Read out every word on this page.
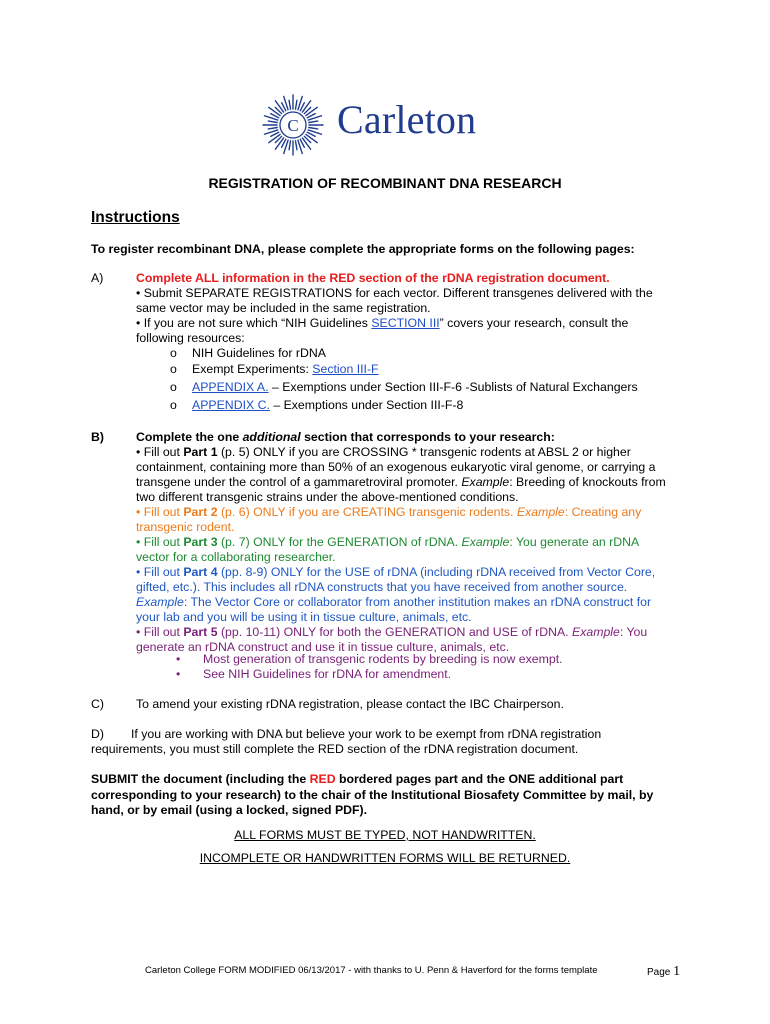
C Carleton
REGISTRATION OF RECOMBINANT DNA RESEARCH
Instructions
To register recombinant DNA, please complete the appropriate forms on the following pages:
A)	Complete ALL information in the RED section of the rDNA registration document.
• Submit SEPARATE REGISTRATIONS for each vector. Different transgenes delivered with the
same vector may be included in the same registration.
• If you are not sure which “NIH Guidelines SECTION III” covers your research, consult the
following resources:
o NIH Guidelines for rDNA
o Exempt Experiments: Section III-F
o APPENDIX A. – Exemptions under Section III-F-6 -Sublists of Natural Exchangers
o APPENDIX C. – Exemptions under Section III-F-8
B)	Complete the one additional section that corresponds to your research:
• Fill out Part 1 (p. 5) ONLY if you are CROSSING * transgenic rodents at ABSL 2 or higher
containment, containing more than 50% of an exogenous eukaryotic viral genome, or carrying a
transgene under the control of a gammaretroviral promoter. Example: Breeding of knockouts from
two different transgenic strains under the above-mentioned conditions.
• Fill out Part 2 (p. 6) ONLY if you are CREATING transgenic rodents. Example: Creating any
transgenic rodent.
• Fill out Part 3 (p. 7) ONLY for the GENERATION of rDNA. Example: You generate an rDNA
vector for a collaborating researcher.
• Fill out Part 4 (pp. 8-9) ONLY for the USE of rDNA (including rDNA received from Vector Core,
gifted, etc.). This includes all rDNA constructs that you have received from another source.
Example: The Vector Core or collaborator from another institution makes an rDNA construct for
your lab and you will be using it in tissue culture, animals, etc.
• Fill out Part 5 (pp. 10-11) ONLY for both the GENERATION and USE of rDNA. Example: You
generate an rDNA construct and use it in tissue culture, animals, etc.
• Most generation of transgenic rodents by breeding is now exempt.
• See NIH Guidelines for rDNA for amendment.
C)	To amend your existing rDNA registration, please contact the IBC Chairperson.
D) If you are working with DNA but believe your work to be exempt from rDNA registration
requirements, you must still complete the RED section of the rDNA registration document.
SUBMIT the document (including the RED bordered pages part and the ONE additional part
corresponding to your research) to the chair of the Institutional Biosafety Committee by mail, by
hand, or by email (using a locked, signed PDF).
ALL FORMS MUST BE TYPED, NOT HANDWRITTEN.
INCOMPLETE OR HANDWRITTEN FORMS WILL BE RETURNED.
Carleton College FORM MODIFIED 06/13/2017 - with thanks to U. Penn & Haverford for the forms template	Page 1
